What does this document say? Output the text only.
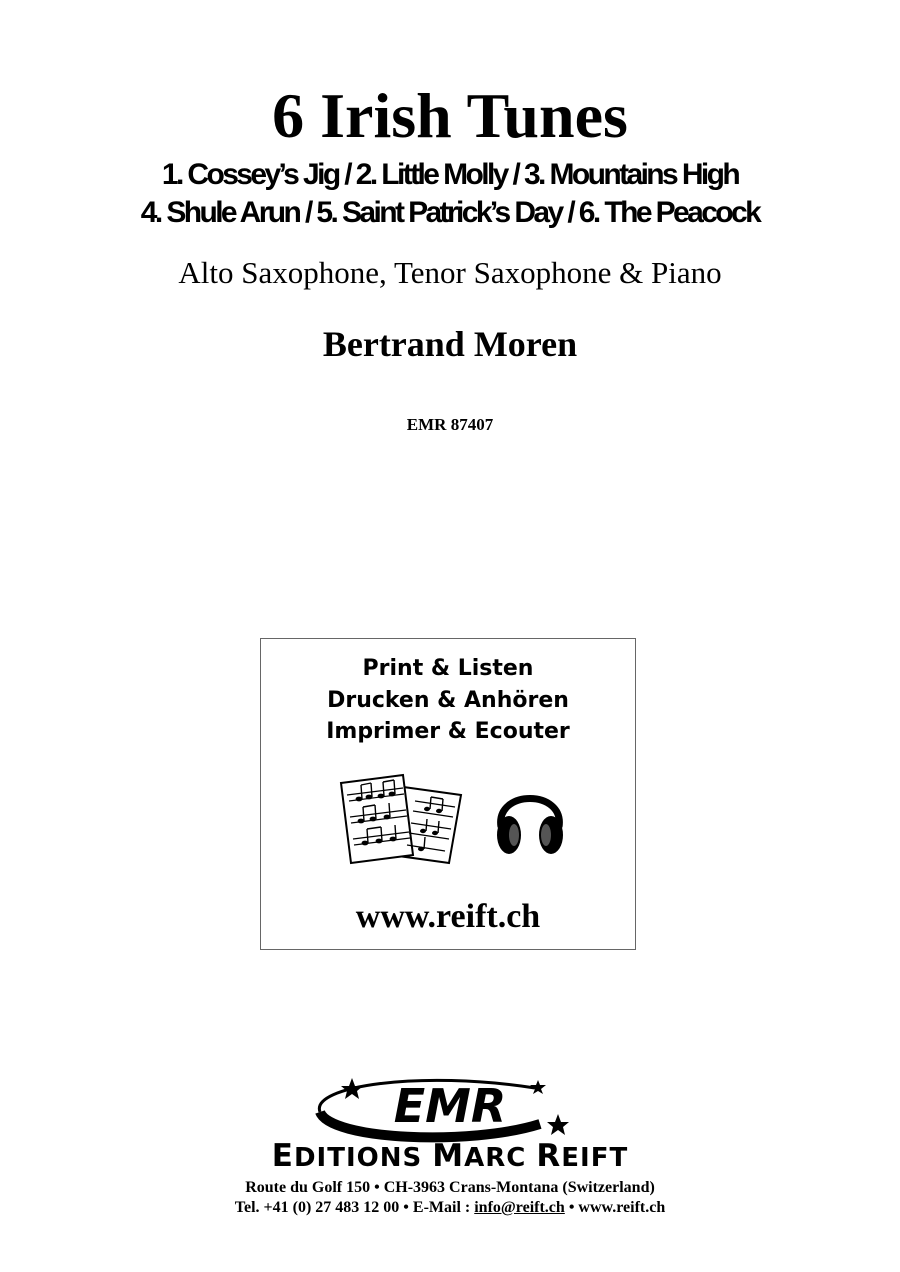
6 Irish Tunes
1. Cossey’s Jig / 2. Little Molly / 3. Mountains High
4. Shule Arun / 5. Saint Patrick’s Day / 6. The Peacock
Alto Saxophone, Tenor Saxophone & Piano
Bertrand Moren
EMR 87407
Print & Listen
Drucken & Anhören
Imprimer & Ecouter
www.reift.ch
EMR
EDITIONS MARC REIFT
Route du Golf 150 • CH-3963 Crans-Montana (Switzerland)
Tel. +41 (0) 27 483 12 00 • E-Mail : info@reift.ch • www.reift.ch
